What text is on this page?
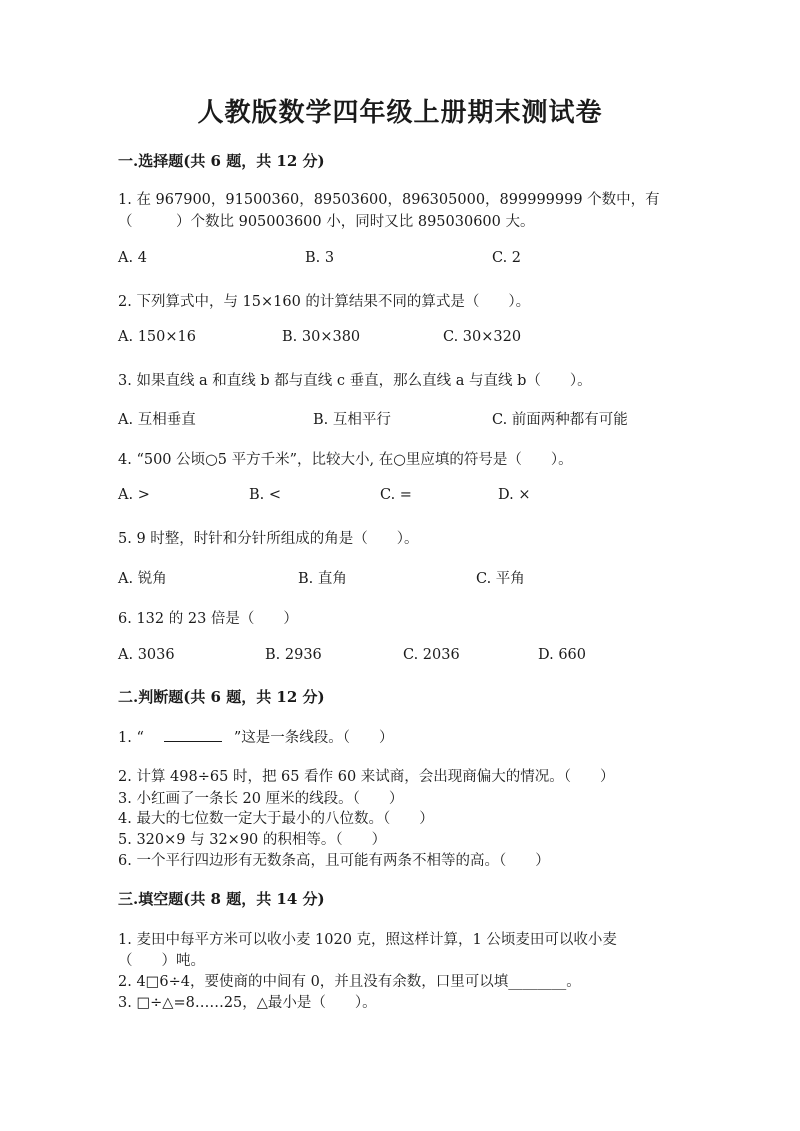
人教版数学四年级上册期末测试卷
一.选择题(共 6 题，共 12 分)
1. 在 967900，91500360，89503600，896305000，899999999 个数中，有
（　　　）个数比 905003600 小，同时又比 895030600 大。
A. 4	B. 3	C. 2
2. 下列算式中，与 15×160 的计算结果不同的算式是（　　）。
A. 150×16	B. 30×380	C. 30×320
3. 如果直线 a 和直线 b 都与直线 c 垂直，那么直线 a 与直线 b（　　）。
A. 互相垂直	B. 互相平行	C. 前面两种都有可能
4. “500 公顷○5 平方千米”，比较大小, 在○里应填的符号是（　　）。
A. >	B. <	C. =	D. ×
5. 9 时整，时针和分针所组成的角是（　　）。
A. 锐角	B. 直角	C. 平角
6. 132 的 23 倍是（　　）
A. 3036	B. 2936	C. 2036	D. 660
二.判断题(共 6 题，共 12 分)
1. “	”这是一条线段。（　　）
2. 计算 498÷65 时，把 65 看作 60 来试商，会出现商偏大的情况。（　　）
3. 小红画了一条长 20 厘米的线段。（　　）
4. 最大的七位数一定大于最小的八位数。（　　）
5. 320×9 与 32×90 的积相等。（　　）
6. 一个平行四边形有无数条高，且可能有两条不相等的高。（　　）
三.填空题(共 8 题，共 14 分)
1. 麦田中每平方米可以收小麦 1020 克，照这样计算，1 公顷麦田可以收小麦
（　　）吨。
2. 4□6÷4，要使商的中间有 0，并且没有余数，口里可以填________。
3. □÷△=8……25，△最小是（　　）。
